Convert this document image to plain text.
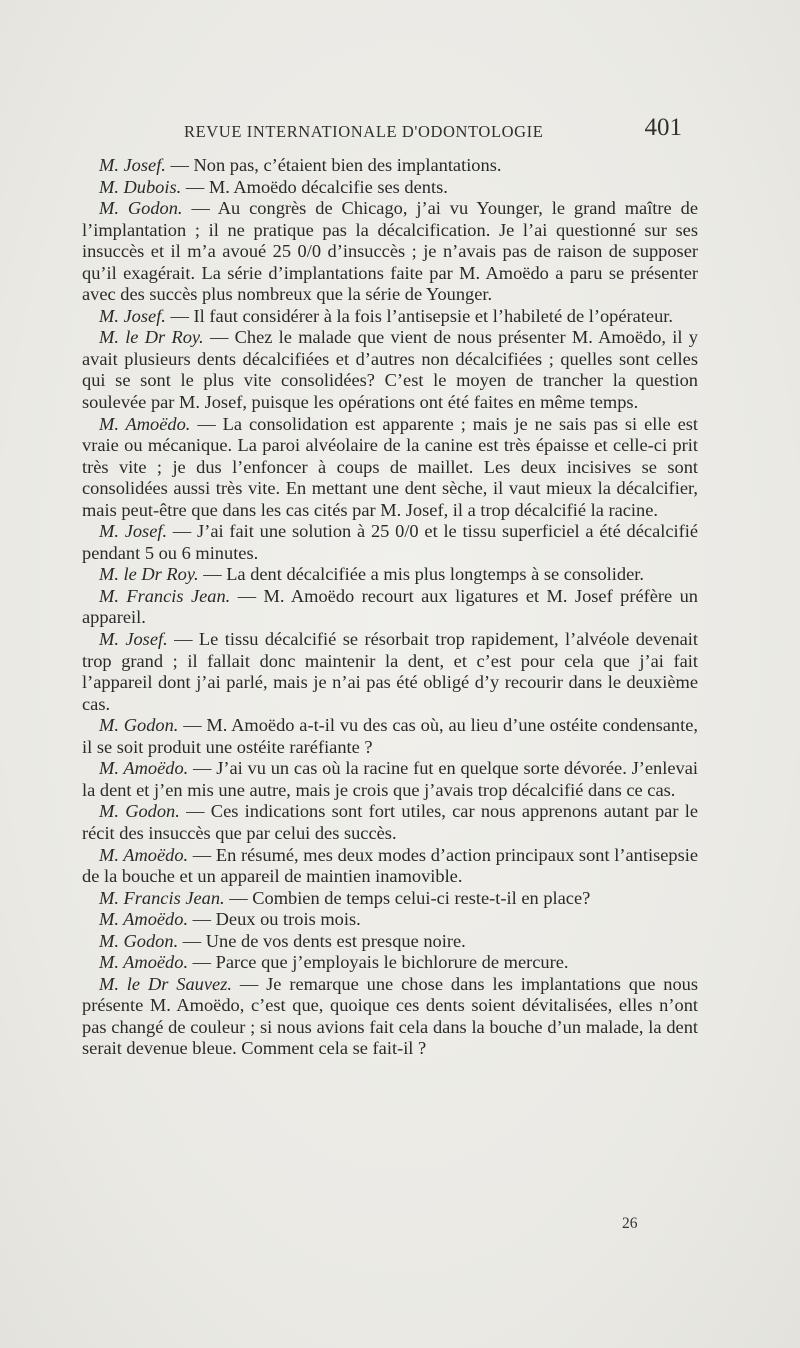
REVUE INTERNATIONALE D'ODONTOLOGIE	401

M. Josef. — Non pas, c’étaient bien des implantations.

M. Dubois. — M. Amoëdo décalcifie ses dents.

M. Godon. — Au congrès de Chicago, j’ai vu Younger, le grand maître de l’implantation ; il ne pratique pas la décalcification. Je l’ai questionné sur ses insuccès et il m’a avoué 25 0/0 d’insuccès ; je n’avais pas de raison de supposer qu’il exagérait. La série d’implantations faite par M. Amoëdo a paru se présenter avec des succès plus nombreux que la série de Younger.

M. Josef. — Il faut considérer à la fois l’antisepsie et l’habileté de l’opérateur.

M. le Dr Roy. — Chez le malade que vient de nous présenter M. Amoëdo, il y avait plusieurs dents décalcifiées et d’autres non décalcifiées ; quelles sont celles qui se sont le plus vite consolidées? C’est le moyen de trancher la question soulevée par M. Josef, puisque les opérations ont été faites en même temps.

M. Amoëdo. — La consolidation est apparente ; mais je ne sais pas si elle est vraie ou mécanique. La paroi alvéolaire de la canine est très épaisse et celle-ci prit très vite ; je dus l’enfoncer à coups de maillet. Les deux incisives se sont consolidées aussi très vite. En mettant une dent sèche, il vaut mieux la décalcifier, mais peut-être que dans les cas cités par M. Josef, il a trop décalcifié la racine.

M. Josef. — J’ai fait une solution à 25 0/0 et le tissu superficiel a été décalcifié pendant 5 ou 6 minutes.

M. le Dr Roy. — La dent décalcifiée a mis plus longtemps à se consolider.

M. Francis Jean. — M. Amoëdo recourt aux ligatures et M. Josef préfère un appareil.

M. Josef. — Le tissu décalcifié se résorbait trop rapidement, l’alvéole devenait trop grand ; il fallait donc maintenir la dent, et c’est pour cela que j’ai fait l’appareil dont j’ai parlé, mais je n’ai pas été obligé d’y recourir dans le deuxième cas.

M. Godon. — M. Amoëdo a-t-il vu des cas où, au lieu d’une ostéite condensante, il se soit produit une ostéite raréfiante ?

M. Amoëdo. — J’ai vu un cas où la racine fut en quelque sorte dévorée. J’enlevai la dent et j’en mis une autre, mais je crois que j’avais trop décalcifié dans ce cas.

M. Godon. — Ces indications sont fort utiles, car nous apprenons autant par le récit des insuccès que par celui des succès.

M. Amoëdo. — En résumé, mes deux modes d’action principaux sont l’antisepsie de la bouche et un appareil de maintien inamovible.

M. Francis Jean. — Combien de temps celui-ci reste-t-il en place?

M. Amoëdo. — Deux ou trois mois.

M. Godon. — Une de vos dents est presque noire.

M. Amoëdo. — Parce que j’employais le bichlorure de mercure.

M. le Dr Sauvez. — Je remarque une chose dans les implantations que nous présente M. Amoëdo, c’est que, quoique ces dents soient dévitalisées, elles n’ont pas changé de couleur ; si nous avions fait cela dans la bouche d’un malade, la dent serait devenue bleue. Comment cela se fait-il ?

26
